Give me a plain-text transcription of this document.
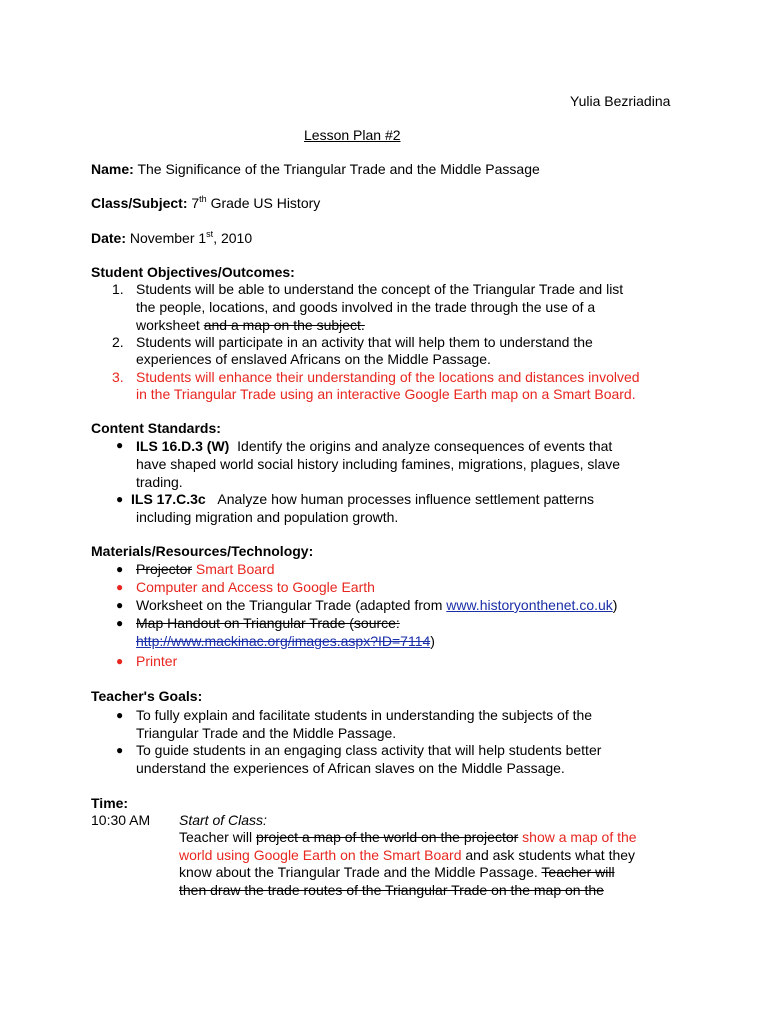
Yulia Bezriadina
Lesson Plan #2
Name: The Significance of the Triangular Trade and the Middle Passage
Class/Subject: 7th Grade US History
Date: November 1st, 2010
Student Objectives/Outcomes:
1. Students will be able to understand the concept of the Triangular Trade and list
the people, locations, and goods involved in the trade through the use of a
worksheet and a map on the subject.
2. Students will participate in an activity that will help them to understand the
experiences of enslaved Africans on the Middle Passage.
3. Students will enhance their understanding of the locations and distances involved
in the Triangular Trade using an interactive Google Earth map on a Smart Board.
Content Standards:
● ILS 16.D.3 (W) Identify the origins and analyze consequences of events that
have shaped world social history including famines, migrations, plagues, slave
trading.
● ILS 17.C.3c Analyze how human processes influence settlement patterns
including migration and population growth.
Materials/Resources/Technology:
● Projector Smart Board
● Computer and Access to Google Earth
● Worksheet on the Triangular Trade (adapted from www.historyonthenet.co.uk)
● Map Handout on Triangular Trade (source:
http://www.mackinac.org/images.aspx?ID=7114)
● Printer
Teacher's Goals:
● To fully explain and facilitate students in understanding the subjects of the
Triangular Trade and the Middle Passage.
● To guide students in an engaging class activity that will help students better
understand the experiences of African slaves on the Middle Passage.
Time:
10:30 AM Start of Class:
Teacher will project a map of the world on the projector show a map of the
world using Google Earth on the Smart Board and ask students what they
know about the Triangular Trade and the Middle Passage. Teacher will
then draw the trade routes of the Triangular Trade on the map on the
